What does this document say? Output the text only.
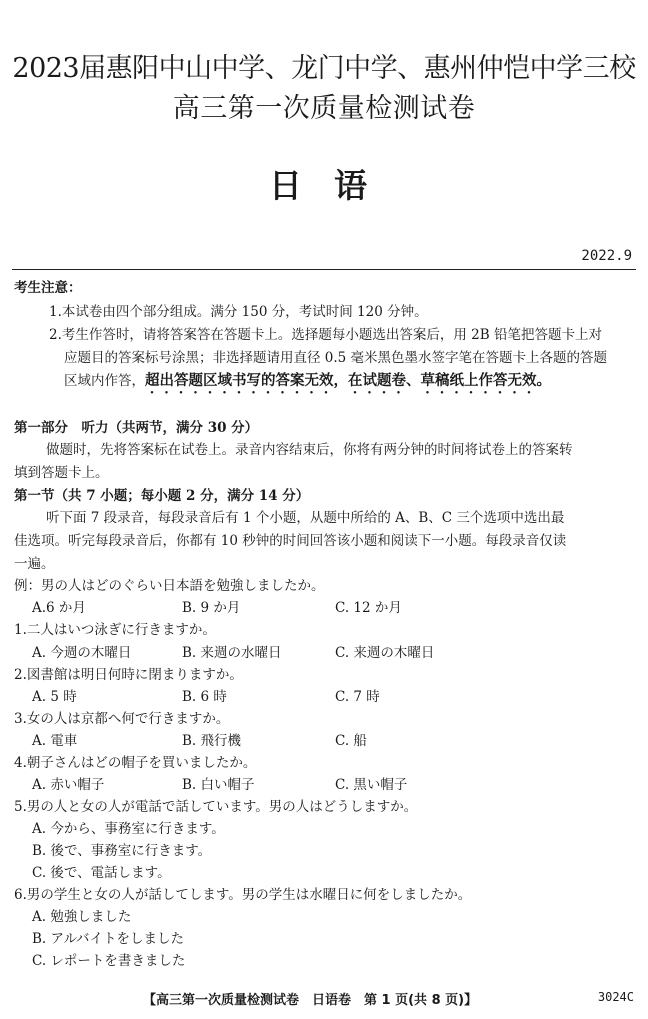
2023届惠阳中山中学、龙门中学、惠州仲恺中学三校
高三第一次质量检测试卷
日语
2022.9
考生注意：
1.本试卷由四个部分组成。满分 150 分，考试时间 120 分钟。
2.考生作答时，请将答案答在答题卡上。选择题每小题选出答案后，用 2B 铅笔把答题卡上对
应题目的答案标号涂黑；非选择题请用直径 0.5 毫米黑色墨水签字笔在答题卡上各题的答题
区域内作答，超出答题区域书写的答案无效，在试题卷、草稿纸上作答无效。
第一部分　听力（共两节，满分 30 分）
做题时，先将答案标在试卷上。录音内容结束后，你将有两分钟的时间将试卷上的答案转
填到答题卡上。
第一节（共 7 小题；每小题 2 分，满分 14 分）
听下面 7 段录音，每段录音后有 1 个小题，从题中所给的 A、B、C 三个选项中选出最
佳选项。听完每段录音后，你都有 10 秒钟的时间回答该小题和阅读下一小题。每段录音仅读
一遍。
例：男の人はどのぐらい日本語を勉強しましたか。
A.6 か月	B. 9 か月	C. 12 か月
1.二人はいつ泳ぎに行きますか。
A. 今週の木曜日	B. 来週の水曜日	C. 来週の木曜日
2.図書館は明日何時に閉まりますか。
A. 5 時	B. 6 時	C. 7 時
3.女の人は京都へ何で行きますか。
A. 電車	B. 飛行機	C. 船
4.朝子さんはどの帽子を買いましたか。
A. 赤い帽子	B. 白い帽子	C. 黒い帽子
5.男の人と女の人が電話で話しています。男の人はどうしますか。
A. 今から、事務室に行きます。
B. 後で、事務室に行きます。
C. 後で、電話します。
6.男の学生と女の人が話してします。男の学生は水曜日に何をしましたか。
A. 勉強しました
B. アルバイトをしました
C. レポートを書きました
【高三第一次质量检测试卷　日语卷　第 1 页(共 8 页)】	3024C
